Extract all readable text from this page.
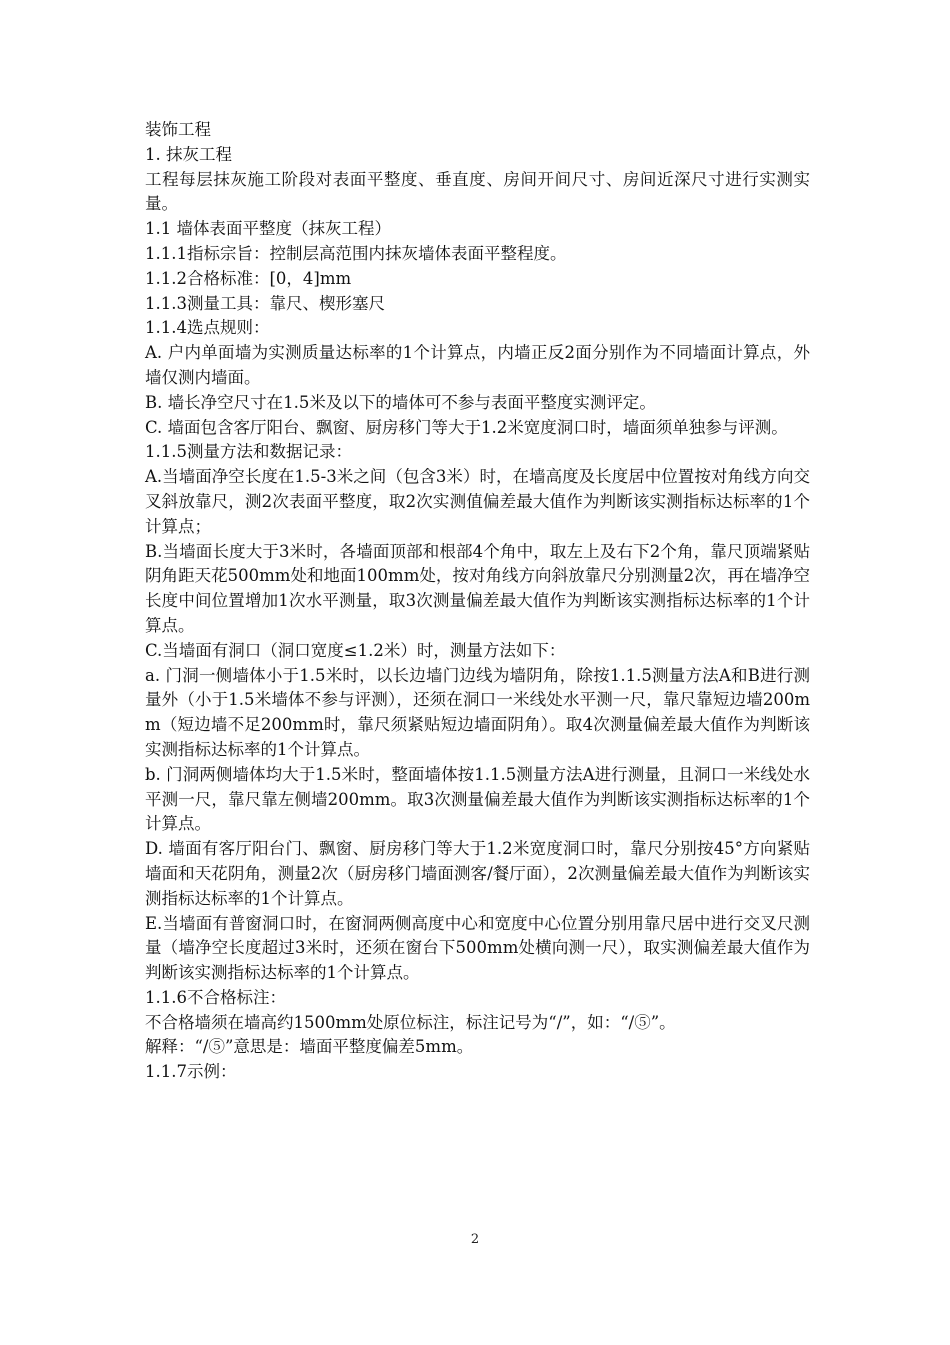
装饰工程

1. 抹灰工程

工程每层抹灰施工阶段对表面平整度、垂直度、房间开间尺寸、房间近深尺寸进行实测实量。

1.1 墙体表面平整度（抹灰工程）

1.1.1指标宗旨：控制层高范围内抹灰墙体表面平整程度。

1.1.2合格标准：[0，4]mm

1.1.3测量工具：靠尺、楔形塞尺

1.1.4选点规则：

A. 户内单面墙为实测质量达标率的1个计算点，内墙正反2面分别作为不同墙面计算点，外墙仅测内墙面。

B. 墙长净空尺寸在1.5米及以下的墙体可不参与表面平整度实测评定。

C. 墙面包含客厅阳台、飘窗、厨房移门等大于1.2米宽度洞口时，墙面须单独参与评测。

1.1.5测量方法和数据记录：

A.当墙面净空长度在1.5-3米之间（包含3米）时，在墙高度及长度居中位置按对角线方向交叉斜放靠尺，测2次表面平整度，取2次实测值偏差最大值作为判断该实测指标达标率的1个计算点；

B.当墙面长度大于3米时，各墙面顶部和根部4个角中，取左上及右下2个角，靠尺顶端紧贴阴角距天花500mm处和地面100mm处，按对角线方向斜放靠尺分别测量2次，再在墙净空长度中间位置增加1次水平测量，取3次测量偏差最大值作为判断该实测指标达标率的1个计算点。

C.当墙面有洞口（洞口宽度≤1.2米）时，测量方法如下：

a. 门洞一侧墙体小于1.5米时，以长边墙门边线为墙阴角，除按1.1.5测量方法A和B进行测量外（小于1.5米墙体不参与评测），还须在洞口一米线处水平测一尺，靠尺靠短边墙200mm（短边墙不足200mm时，靠尺须紧贴短边墙面阴角）。取4次测量偏差最大值作为判断该实测指标达标率的1个计算点。

b. 门洞两侧墙体均大于1.5米时，整面墙体按1.1.5测量方法A进行测量，且洞口一米线处水平测一尺，靠尺靠左侧墙200mm。取3次测量偏差最大值作为判断该实测指标达标率的1个计算点。

D. 墙面有客厅阳台门、飘窗、厨房移门等大于1.2米宽度洞口时，靠尺分别按45°方向紧贴墙面和天花阴角，测量2次（厨房移门墙面测客/餐厅面），2次测量偏差最大值作为判断该实测指标达标率的1个计算点。

E.当墙面有普窗洞口时，在窗洞两侧高度中心和宽度中心位置分别用靠尺居中进行交叉尺测量（墙净空长度超过3米时，还须在窗台下500mm处横向测一尺），取实测偏差最大值作为判断该实测指标达标率的1个计算点。

1.1.6不合格标注：

不合格墙须在墙高约1500mm处原位标注，标注记号为“/”，如：“/⑤”。

解释：“/⑤”意思是：墙面平整度偏差5mm。

1.1.7示例：

2
